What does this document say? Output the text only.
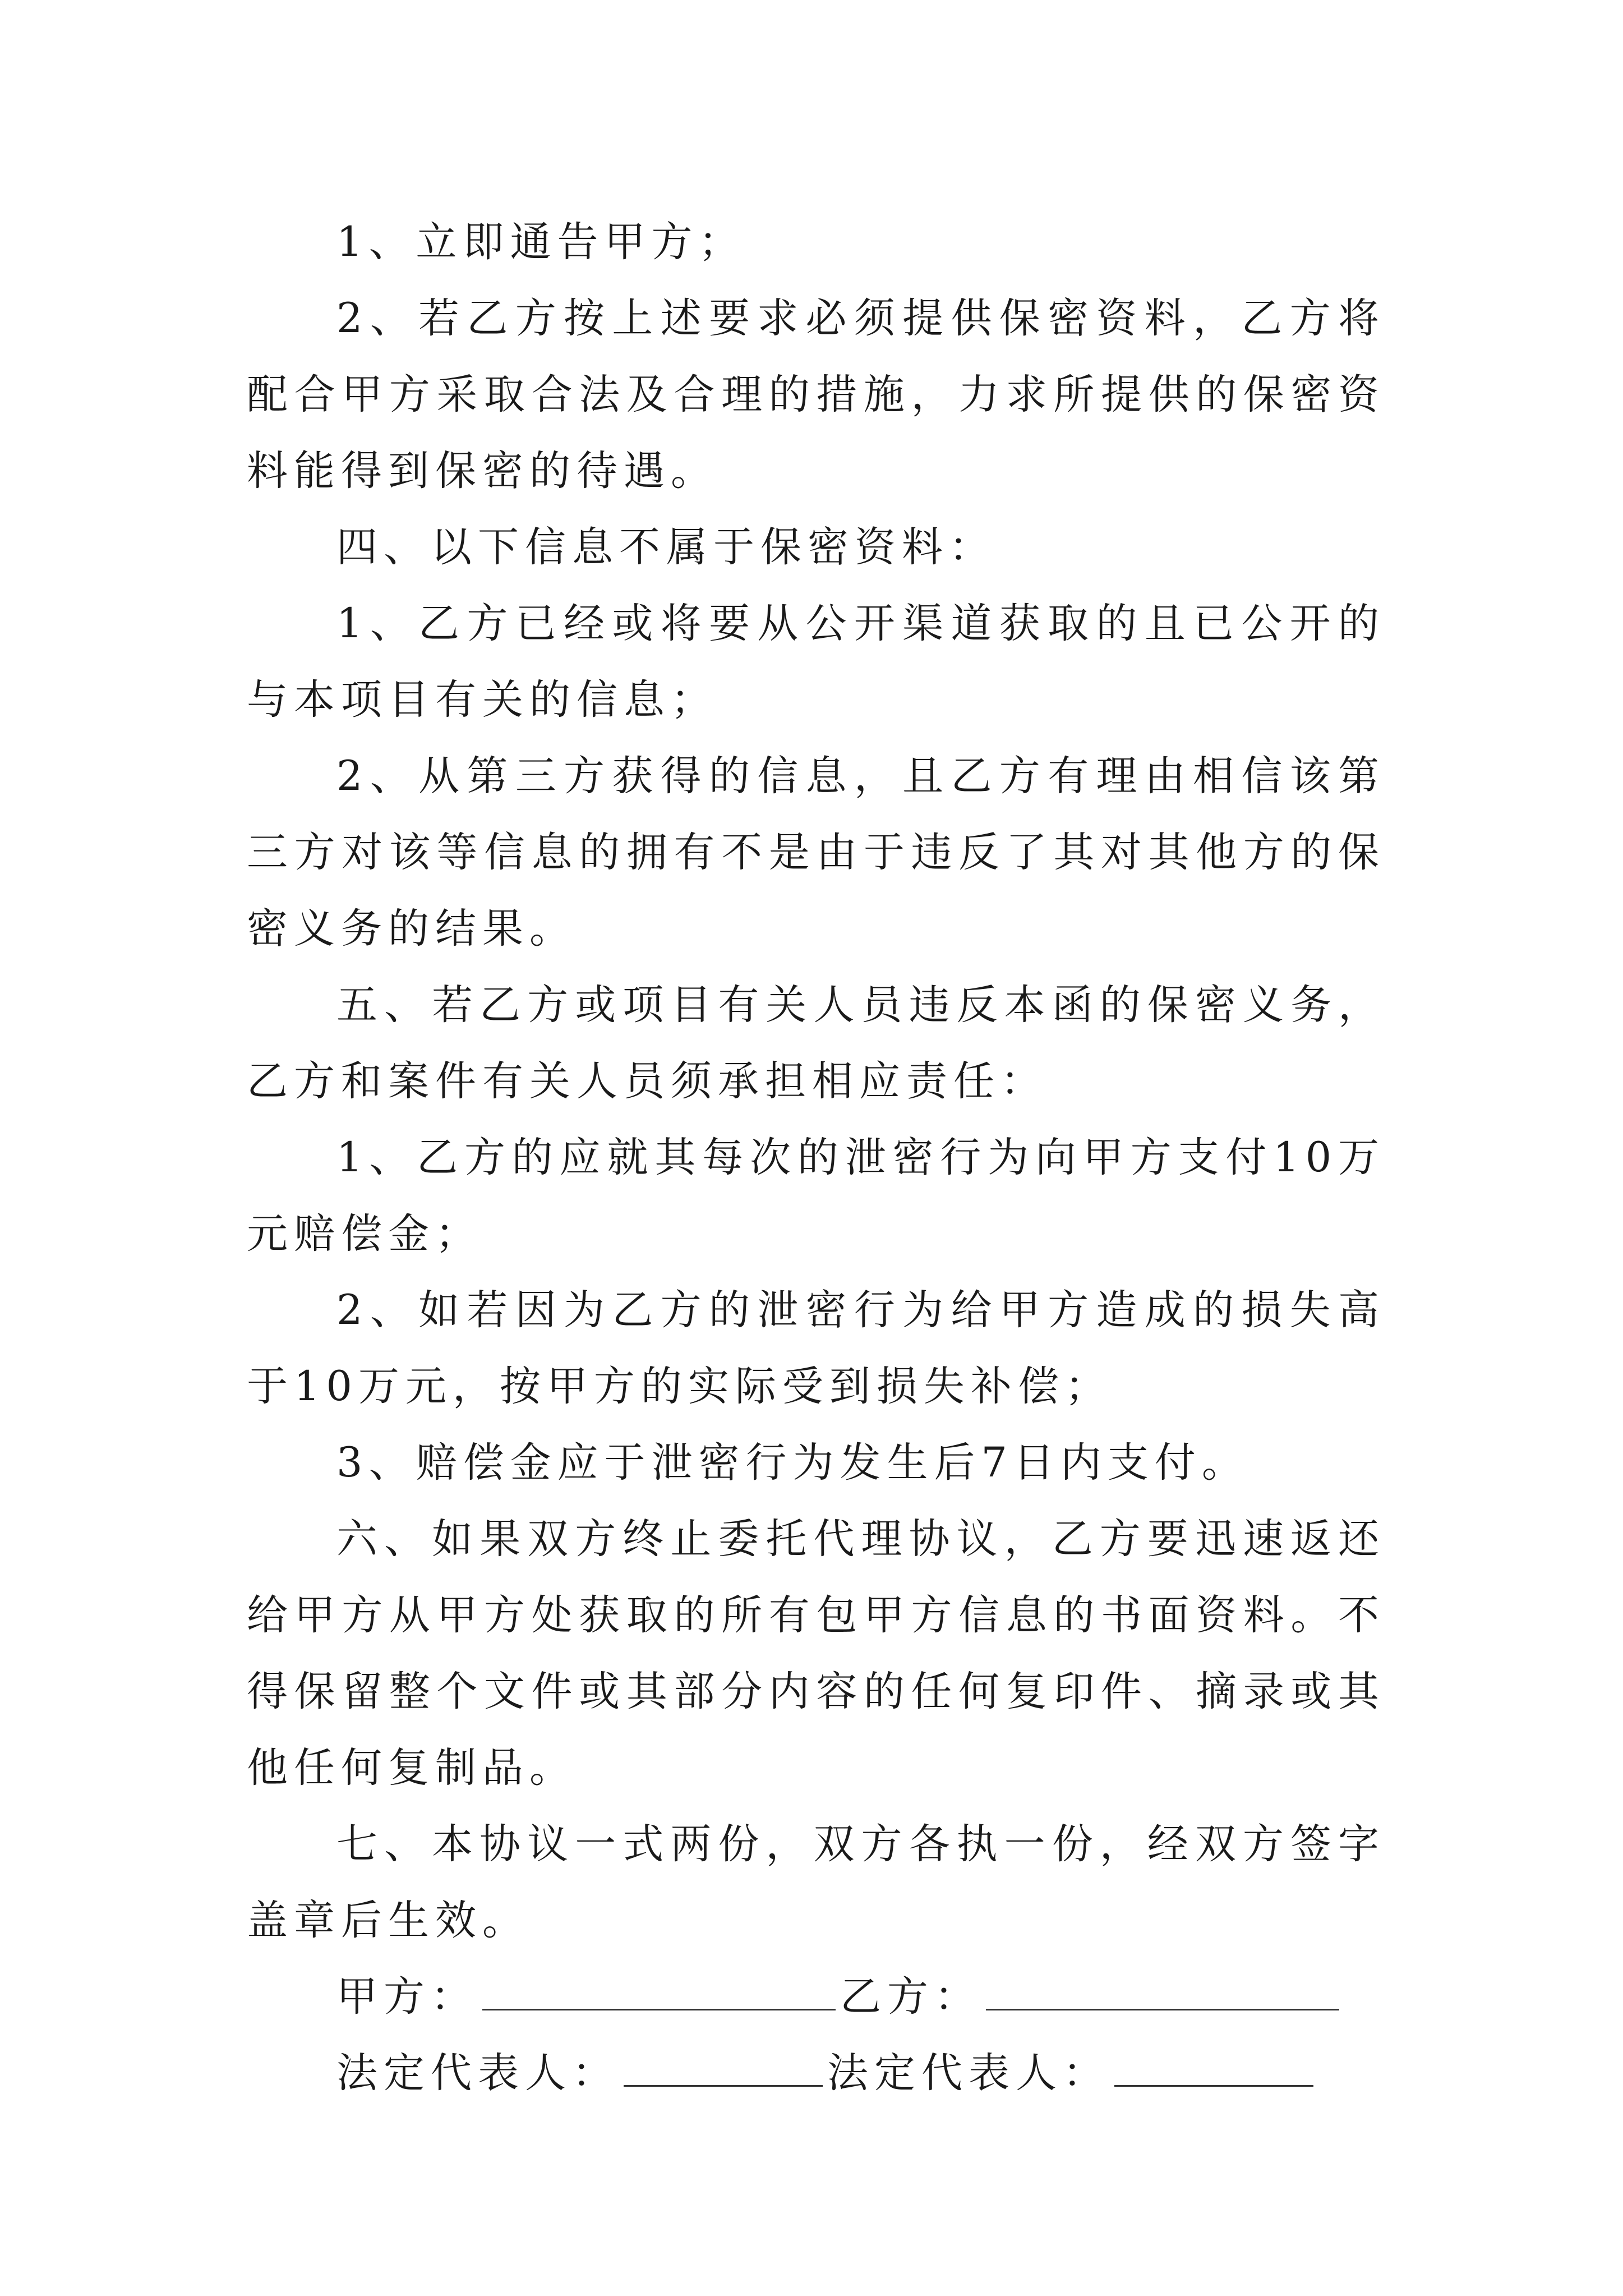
1、立即通告甲方；

2、若乙方按上述要求必须提供保密资料，乙方将配合甲方采取合法及合理的措施，力求所提供的保密资料能得到保密的待遇。

四、以下信息不属于保密资料：

1、乙方已经或将要从公开渠道获取的且已公开的与本项目有关的信息；

2、从第三方获得的信息，且乙方有理由相信该第三方对该等信息的拥有不是由于违反了其对其他方的保密义务的结果。

五、若乙方或项目有关人员违反本函的保密义务，乙方和案件有关人员须承担相应责任：

1、乙方的应就其每次的泄密行为向甲方支付10万元赔偿金；

2、如若因为乙方的泄密行为给甲方造成的损失高于10万元，按甲方的实际受到损失补偿；

3、赔偿金应于泄密行为发生后7日内支付。

六、如果双方终止委托代理协议，乙方要迅速返还给甲方从甲方处获取的所有包甲方信息的书面资料。不得保留整个文件或其部分内容的任何复印件、摘录或其他任何复制品。

七、本协议一式两份，双方各执一份，经双方签字盖章后生效。

甲方：	乙方：
法定代表人：	法定代表人：
